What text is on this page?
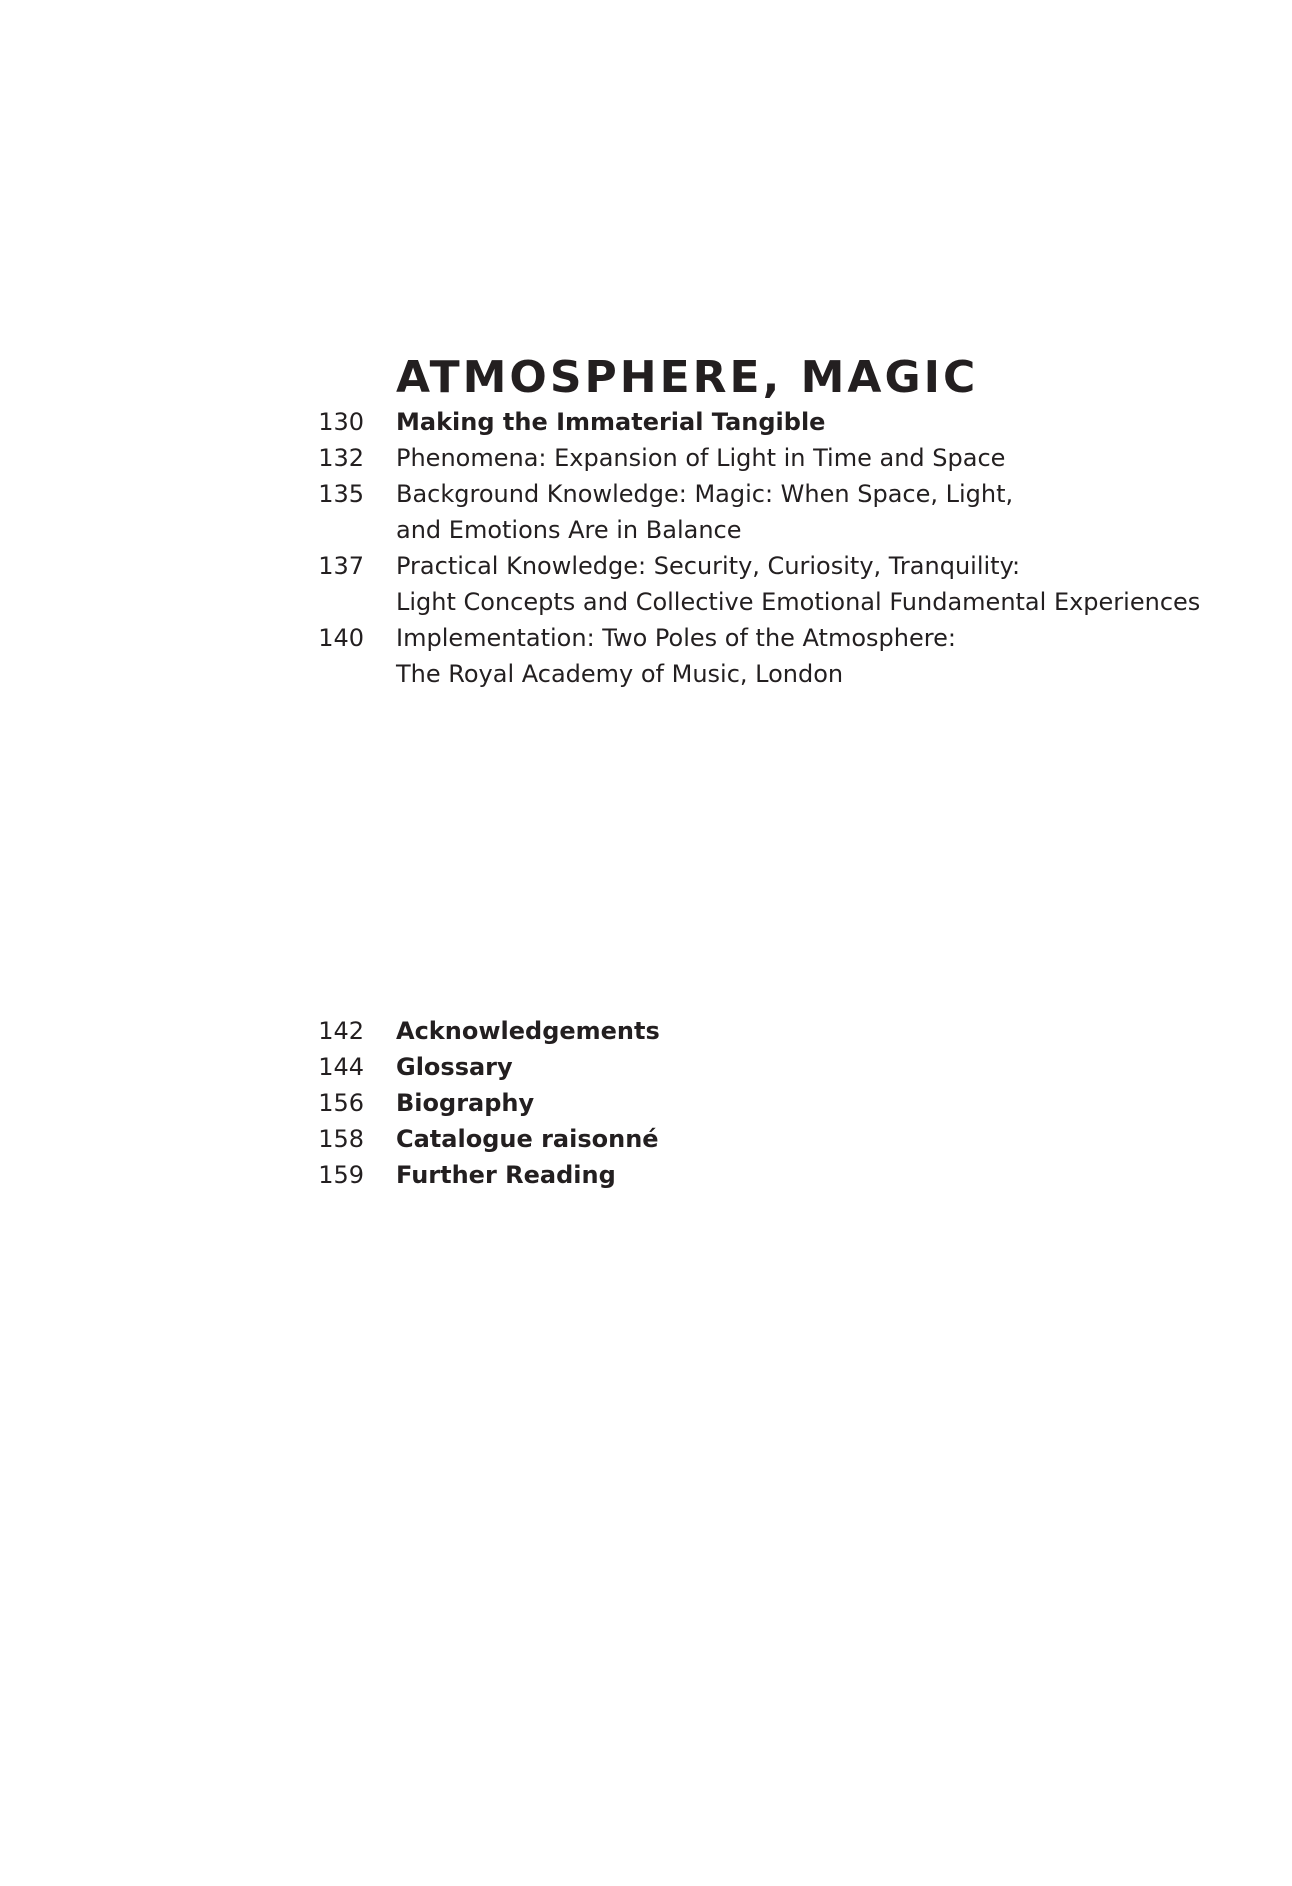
ATMOSPHERE, MAGIC
130 Making the Immaterial Tangible
132 Phenomena: Expansion of Light in Time and Space
135 Background Knowledge: Magic: When Space, Light,
and Emotions Are in Balance
137 Practical Knowledge: Security, Curiosity, Tranquility:
Light Concepts and Collective Emotional Fundamental Experiences
140 Implementation: Two Poles of the Atmosphere:
The Royal Academy of Music, London
142 Acknowledgements
144 Glossary
156 Biography
158 Catalogue raisonné
159 Further Reading
